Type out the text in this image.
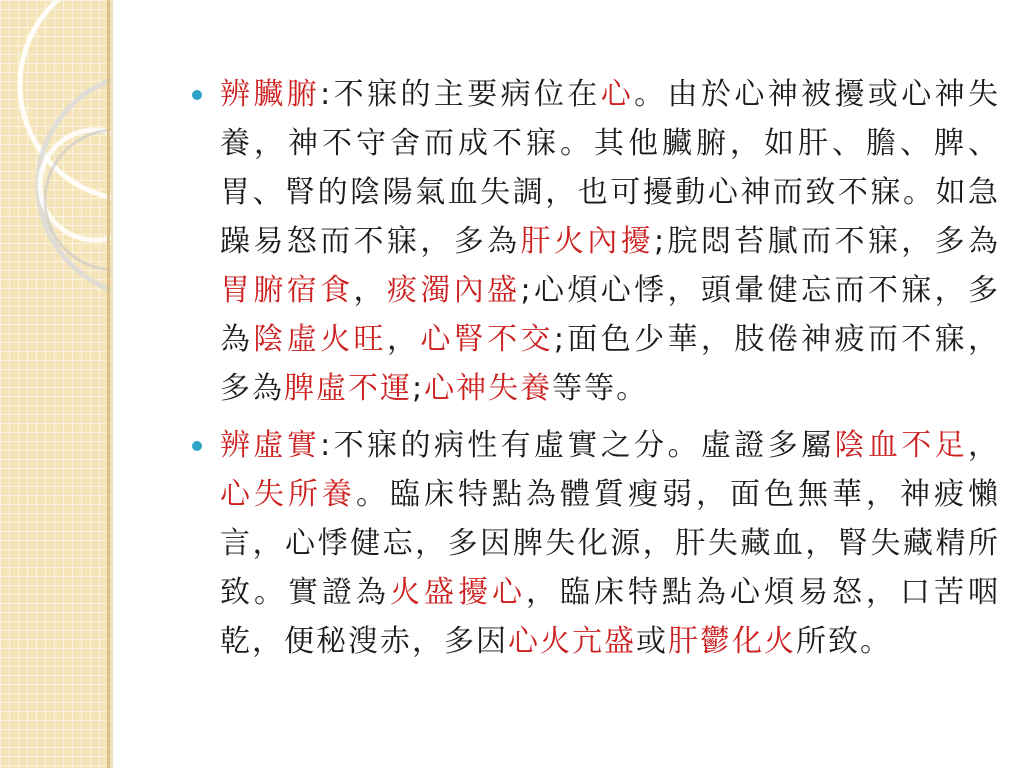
辨臟腑:不寐的主要病位在心。由於心神被擾或心神失養，神不守舍而成不寐。其他臟腑，如肝、膽、脾、胃、腎的陰陽氣血失調，也可擾動心神而致不寐。如急躁易怒而不寐，多為肝火內擾;脘悶苔膩而不寐，多為胃腑宿食，痰濁內盛;心煩心悸，頭暈健忘而不寐，多為陰虛火旺，心腎不交;面色少華，肢倦神疲而不寐，多為脾虛不運;心神失養等等。

辨虛實:不寐的病性有虛實之分。虛證多屬陰血不足，心失所養。臨床特點為體質瘦弱，面色無華，神疲懶言，心悸健忘，多因脾失化源，肝失藏血，腎失藏精所致。實證為火盛擾心，臨床特點為心煩易怒，口苦咽乾，便秘溲赤，多因心火亢盛或肝鬱化火所致。
